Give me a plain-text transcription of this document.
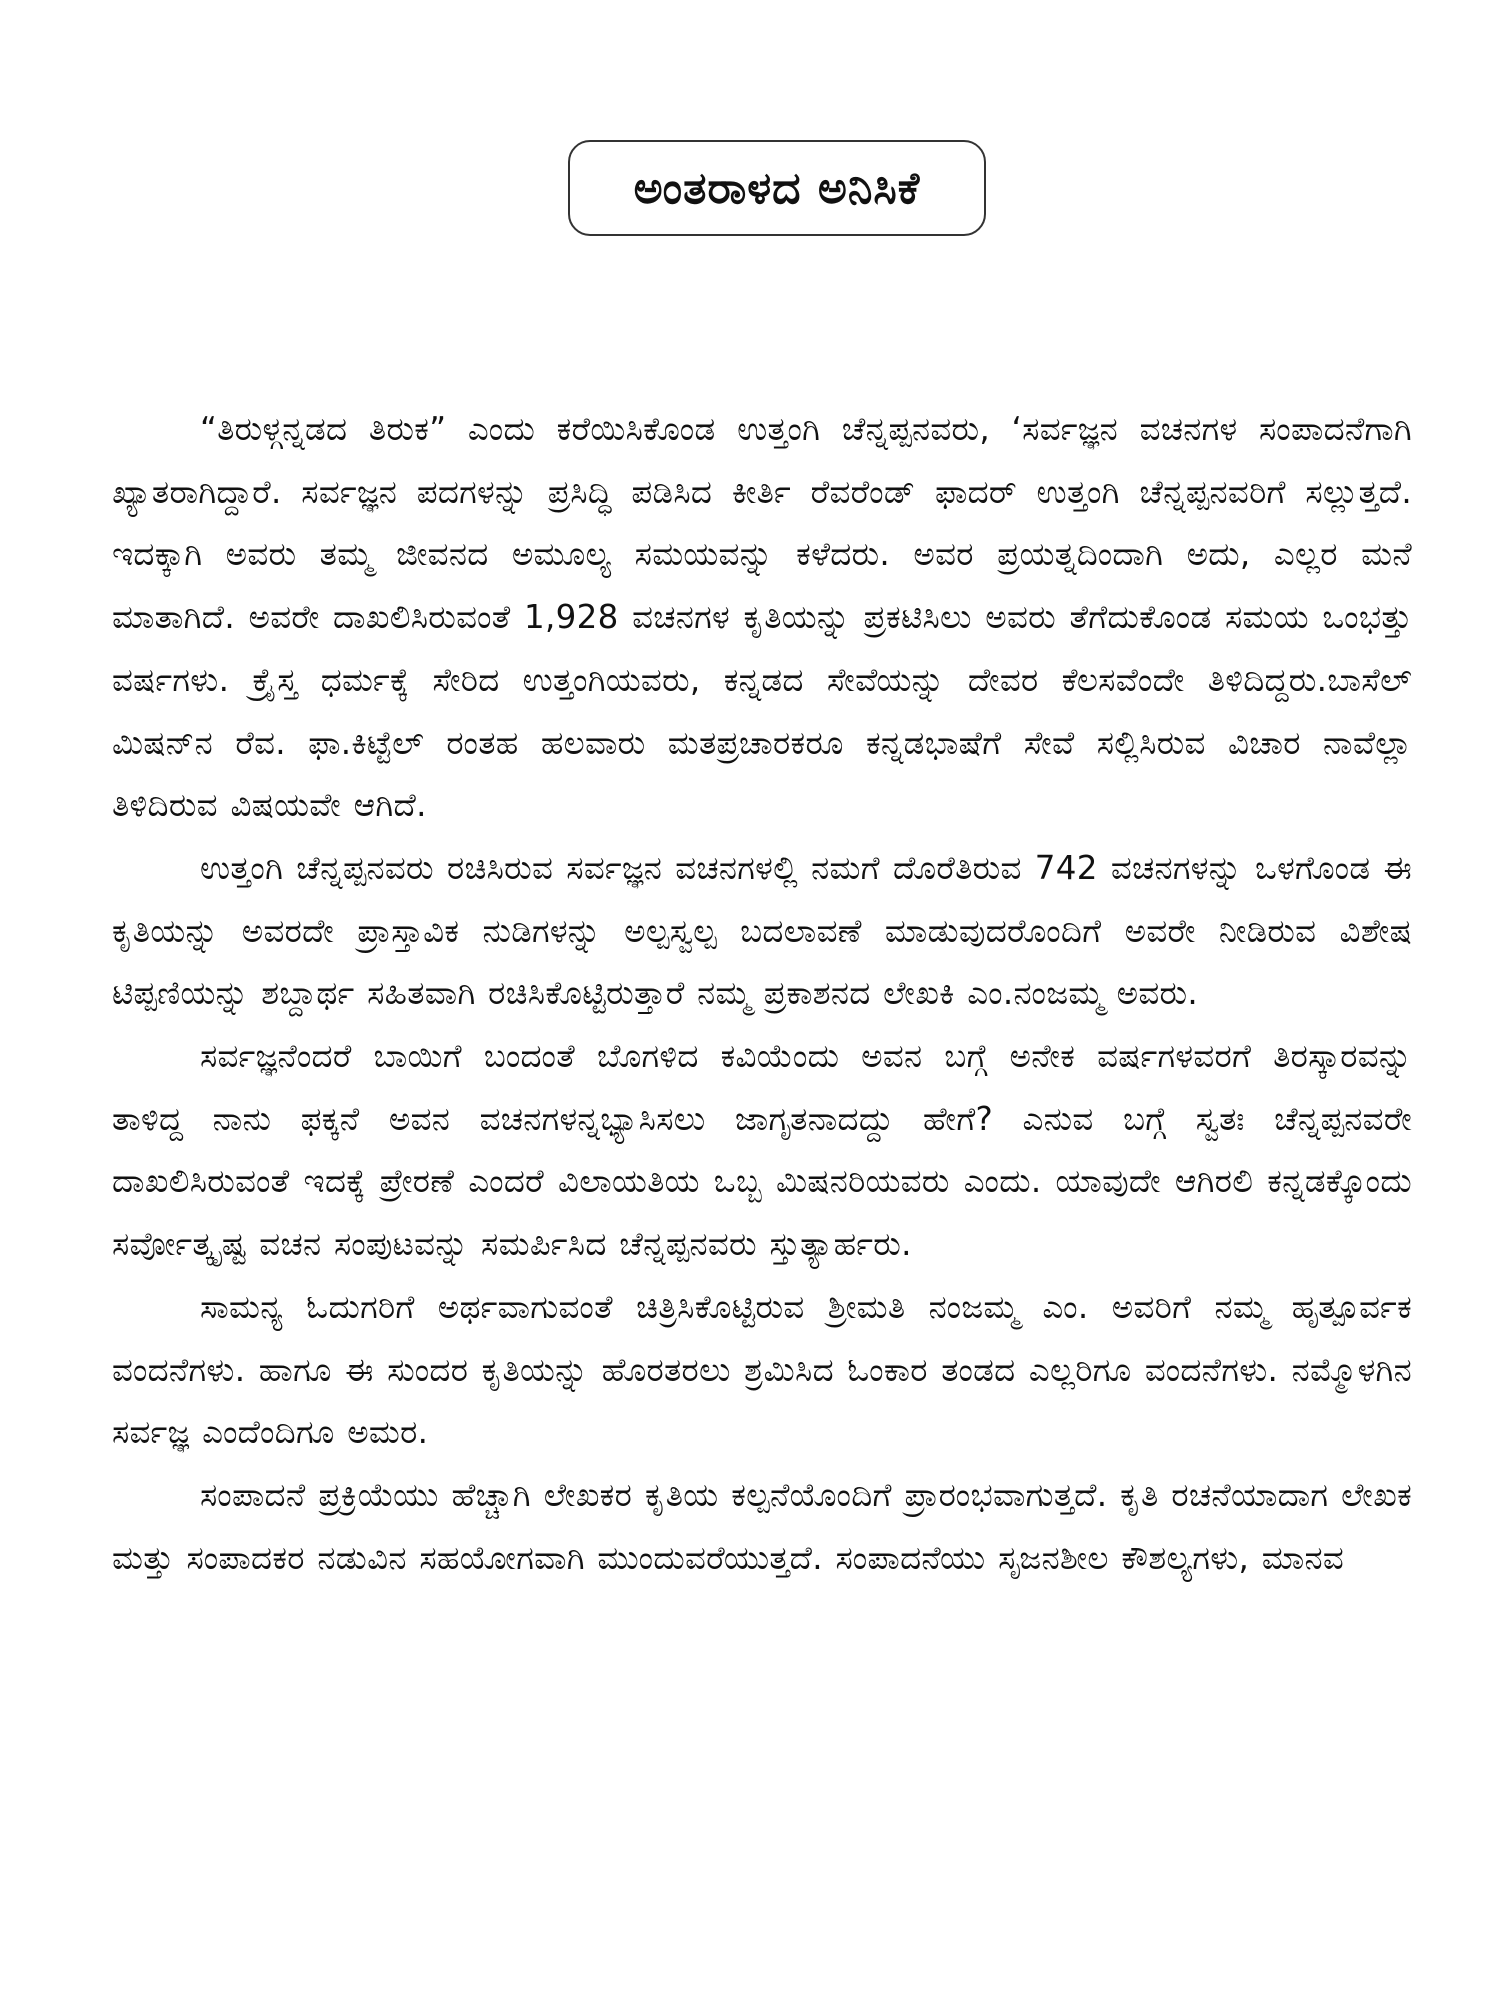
ಅಂತರಾಳದ ಅನಿಸಿಕೆ

“ತಿರುಳ್ಗನ್ನಡದ ತಿರುಕ” ಎಂದು ಕರೆಯಿಸಿಕೊಂಡ ಉತ್ತಂಗಿ ಚೆನ್ನಪ್ಪನವರು, ‘ಸರ್ವಜ್ಞನ ವಚನಗಳ ಸಂಪಾದನೆಗಾಗಿ ಖ್ಯಾತರಾಗಿದ್ದಾರೆ. ಸರ್ವಜ್ಞನ ಪದಗಳನ್ನು ಪ್ರಸಿದ್ಧಿ ಪಡಿಸಿದ ಕೀರ್ತಿ ರೆವರೆಂಡ್ ಫಾದರ್ ಉತ್ತಂಗಿ ಚೆನ್ನಪ್ಪನವರಿಗೆ ಸಲ್ಲುತ್ತದೆ. ಇದಕ್ಕಾಗಿ ಅವರು ತಮ್ಮ ಜೀವನದ ಅಮೂಲ್ಯ ಸಮಯವನ್ನು ಕಳೆದರು. ಅವರ ಪ್ರಯತ್ನದಿಂದಾಗಿ ಅದು, ಎಲ್ಲರ ಮನೆ ಮಾತಾಗಿದೆ. ಅವರೇ ದಾಖಲಿಸಿರುವಂತೆ 1,928 ವಚನಗಳ ಕೃತಿಯನ್ನು ಪ್ರಕಟಿಸಿಲು ಅವರು ತೆಗೆದುಕೊಂಡ ಸಮಯ ಒಂಭತ್ತು ವರ್ಷಗಳು. ಕ್ರೈಸ್ತ ಧರ್ಮಕ್ಕೆ ಸೇರಿದ ಉತ್ತಂಗಿಯವರು, ಕನ್ನಡದ ಸೇವೆಯನ್ನು ದೇವರ ಕೆಲಸವೆಂದೇ ತಿಳಿದಿದ್ದರು.ಬಾಸೆಲ್ ಮಿಷನ್‌ನ ರೆವ. ಫಾ.ಕಿಟ್ಟೆಲ್ ರಂತಹ ಹಲವಾರು ಮತಪ್ರಚಾರಕರೂ ಕನ್ನಡಭಾಷೆಗೆ ಸೇವೆ ಸಲ್ಲಿಸಿರುವ ವಿಚಾರ ನಾವೆಲ್ಲಾ ತಿಳಿದಿರುವ ವಿಷಯವೇ ಆಗಿದೆ.

ಉತ್ತಂಗಿ ಚೆನ್ನಪ್ಪನವರು ರಚಿಸಿರುವ ಸರ್ವಜ್ಞನ ವಚನಗಳಲ್ಲಿ ನಮಗೆ ದೊರೆತಿರುವ 742 ವಚನಗಳನ್ನು ಒಳಗೊಂಡ ಈ ಕೃತಿಯನ್ನು ಅವರದೇ ಪ್ರಾಸ್ತಾವಿಕ ನುಡಿಗಳನ್ನು ಅಲ್ಪಸ್ವಲ್ಪ ಬದಲಾವಣೆ ಮಾಡುವುದರೊಂದಿಗೆ ಅವರೇ ನೀಡಿರುವ ವಿಶೇಷ ಟಿಪ್ಪಣಿಯನ್ನು ಶಬ್ದಾರ್ಥ ಸಹಿತವಾಗಿ ರಚಿಸಿಕೊಟ್ಟಿರುತ್ತಾರೆ ನಮ್ಮ ಪ್ರಕಾಶನದ ಲೇಖಕಿ ಎಂ.ನಂಜಮ್ಮ ಅವರು.

ಸರ್ವಜ್ಞನೆಂದರೆ ಬಾಯಿಗೆ ಬಂದಂತೆ ಬೊಗಳಿದ ಕವಿಯೆಂದು ಅವನ ಬಗ್ಗೆ ಅನೇಕ ವರ್ಷಗಳವರಗೆ ತಿರಸ್ಕಾರವನ್ನು ತಾಳಿದ್ದ ನಾನು ಫಕ್ಕನೆ ಅವನ ವಚನಗಳನ್ನಭ್ಯಾಸಿಸಲು ಜಾಗೃತನಾದದ್ದು ಹೇಗೆ? ಎನುವ ಬಗ್ಗೆ ಸ್ವತಃ ಚೆನ್ನಪ್ಪನವರೇ ದಾಖಲಿಸಿರುವಂತೆ ಇದಕ್ಕೆ ಪ್ರೇರಣೆ ಎಂದರೆ ವಿಲಾಯತಿಯ ಒಬ್ಬ ಮಿಷನರಿಯವರು ಎಂದು. ಯಾವುದೇ ಆಗಿರಲಿ ಕನ್ನಡಕ್ಕೊಂದು ಸರ್ವೋತ್ಕೃಷ್ಟ ವಚನ ಸಂಪುಟವನ್ನು ಸಮರ್ಪಿಸಿದ ಚೆನ್ನಪ್ಪನವರು ಸ್ತುತ್ಯಾರ್ಹರು.

ಸಾಮನ್ಯ ಓದುಗರಿಗೆ ಅರ್ಥವಾಗುವಂತೆ ಚಿತ್ರಿಸಿಕೊಟ್ಟಿರುವ ಶ್ರೀಮತಿ ನಂಜಮ್ಮ ಎಂ. ಅವರಿಗೆ ನಮ್ಮ ಹೃತ್ಪೂರ್ವಕ ವಂದನೆಗಳು. ಹಾಗೂ ಈ ಸುಂದರ ಕೃತಿಯನ್ನು ಹೊರತರಲು ಶ್ರಮಿಸಿದ ಓಂಕಾರ ತಂಡದ ಎಲ್ಲರಿಗೂ ವಂದನೆಗಳು. ನಮ್ಮೊಳಗಿನ ಸರ್ವಜ್ಞ ಎಂದೆಂದಿಗೂ ಅಮರ.

ಸಂಪಾದನೆ ಪ್ರಕ್ರಿಯೆಯು ಹೆಚ್ಚಾಗಿ ಲೇಖಕರ ಕೃತಿಯ ಕಲ್ಪನೆಯೊಂದಿಗೆ ಪ್ರಾರಂಭವಾಗುತ್ತದೆ. ಕೃತಿ ರಚನೆಯಾದಾಗ ಲೇಖಕ ಮತ್ತು ಸಂಪಾದಕರ ನಡುವಿನ ಸಹಯೋಗವಾಗಿ ಮುಂದುವರೆಯುತ್ತದೆ. ಸಂಪಾದನೆಯು ಸೃಜನಶೀಲ ಕೌಶಲ್ಯಗಳು, ಮಾನವ
